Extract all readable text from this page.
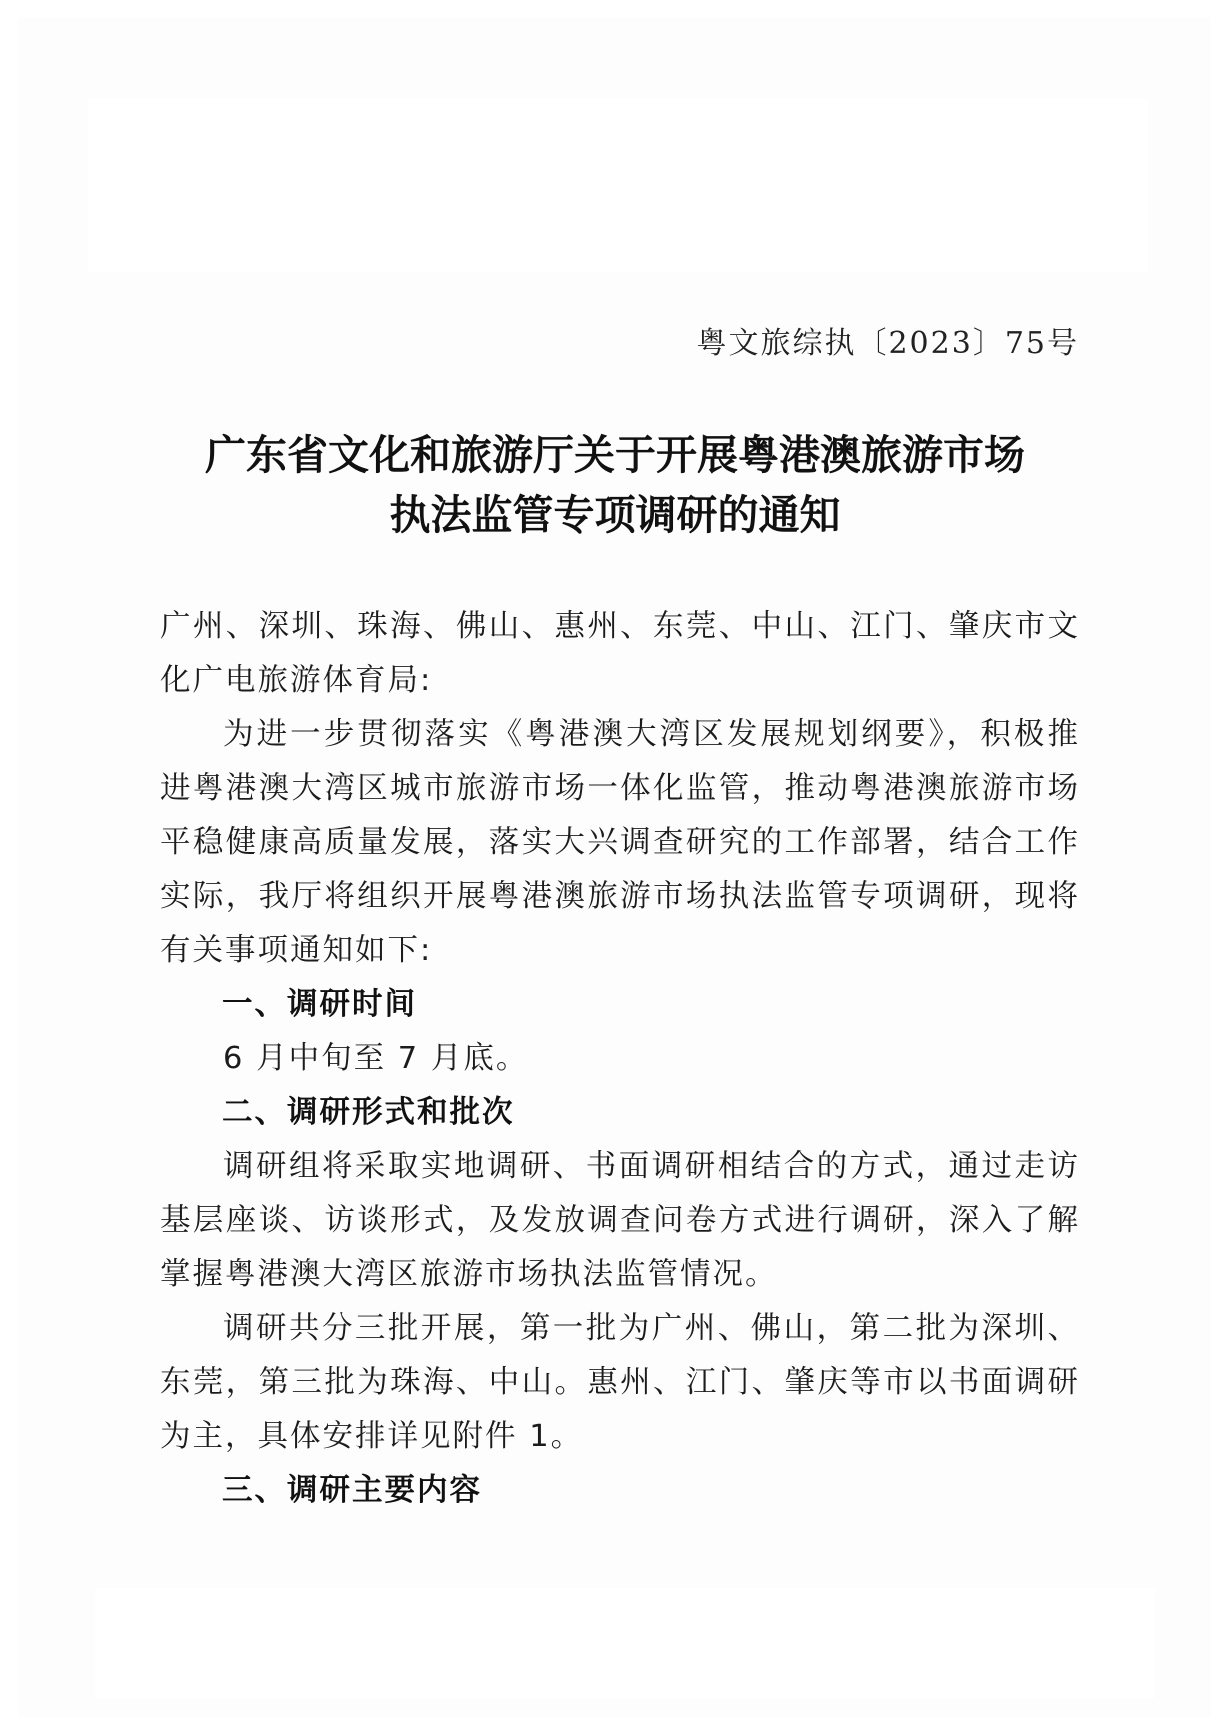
粤文旅综执〔2023〕75号
广东省文化和旅游厅关于开展粤港澳旅游市场
执法监管专项调研的通知

广州、深圳、珠海、佛山、惠州、东莞、中山、江门、肇庆市文化广电旅游体育局:

为进一步贯彻落实《粤港澳大湾区发展规划纲要》，积极推进粤港澳大湾区城市旅游市场一体化监管，推动粤港澳旅游市场平稳健康高质量发展，落实大兴调查研究的工作部署，结合工作实际，我厅将组织开展粤港澳旅游市场执法监管专项调研，现将有关事项通知如下:

一、调研时间

6 月中旬至 7 月底。

二、调研形式和批次

调研组将采取实地调研、书面调研相结合的方式，通过走访基层座谈、访谈形式，及发放调查问卷方式进行调研，深入了解掌握粤港澳大湾区旅游市场执法监管情况。

调研共分三批开展，第一批为广州、佛山，第二批为深圳、东莞，第三批为珠海、中山。惠州、江门、肇庆等市以书面调研为主，具体安排详见附件 1。

三、调研主要内容
